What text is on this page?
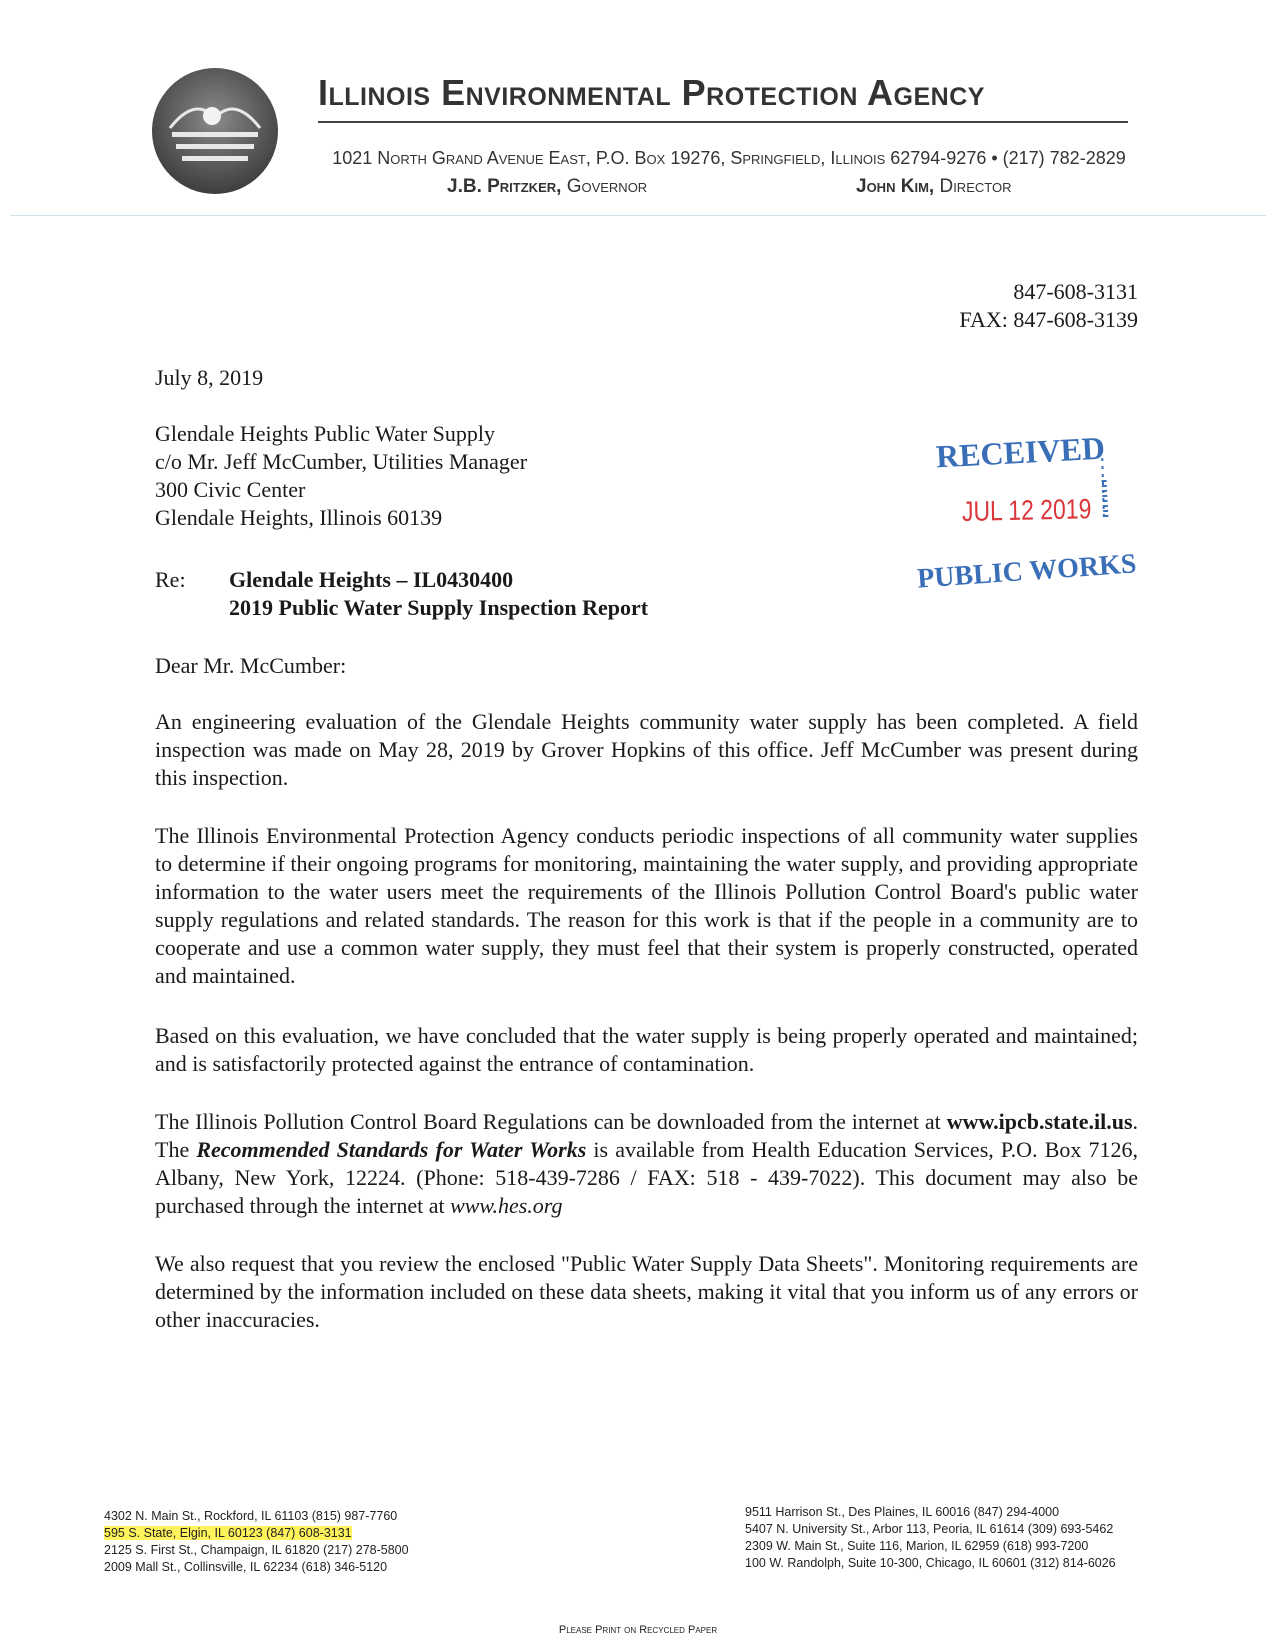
Illinois Environmental Protection Agency
1021 North Grand Avenue East, P.O. Box 19276, Springfield, Illinois 62794-9276 • (217) 782-2829
J.B. Pritzker, Governor	John Kim, Director
847-608-3131
FAX: 847-608-3139
July 8, 2019
Glendale Heights Public Water Supply
c/o Mr. Jeff McCumber, Utilities Manager
300 Civic Center
Glendale Heights, Illinois 60139
Re: Glendale Heights – IL0430400
2019 Public Water Supply Inspection Report
Dear Mr. McCumber:

An engineering evaluation of the Glendale Heights community water supply has been completed. A field inspection was made on May 28, 2019 by Grover Hopkins of this office. Jeff McCumber was present during this inspection.

The Illinois Environmental Protection Agency conducts periodic inspections of all community water supplies to determine if their ongoing programs for monitoring, maintaining the water supply, and providing appropriate information to the water users meet the requirements of the Illinois Pollution Control Board's public water supply regulations and related standards. The reason for this work is that if the people in a community are to cooperate and use a common water supply, they must feel that their system is properly constructed, operated and maintained.

Based on this evaluation, we have concluded that the water supply is being properly operated and maintained; and is satisfactorily protected against the entrance of contamination.

The Illinois Pollution Control Board Regulations can be downloaded from the internet at www.ipcb.state.il.us. The Recommended Standards for Water Works is available from Health Education Services, P.O. Box 7126, Albany, New York, 12224. (Phone: 518-439-7286 / FAX: 518 - 439-7022). This document may also be purchased through the internet at www.hes.org

We also request that you review the enclosed "Public Water Supply Data Sheets". Monitoring requirements are determined by the information included on these data sheets, making it vital that you inform us of any errors or other inaccuracies.

RECEIVED
JUL 12 2019
PUBLIC WORKS
4302 N. Main St., Rockford, IL 61103 (815) 987-7760
595 S. State, Elgin, IL 60123 (847) 608-3131
2125 S. First St., Champaign, IL 61820 (217) 278-5800
2009 Mall St., Collinsville, IL 62234 (618) 346-5120
9511 Harrison St., Des Plaines, IL 60016 (847) 294-4000
5407 N. University St., Arbor 113, Peoria, IL 61614 (309) 693-5462
2309 W. Main St., Suite 116, Marion, IL 62959 (618) 993-7200
100 W. Randolph, Suite 10-300, Chicago, IL 60601 (312) 814-6026
Please Print on Recycled Paper
